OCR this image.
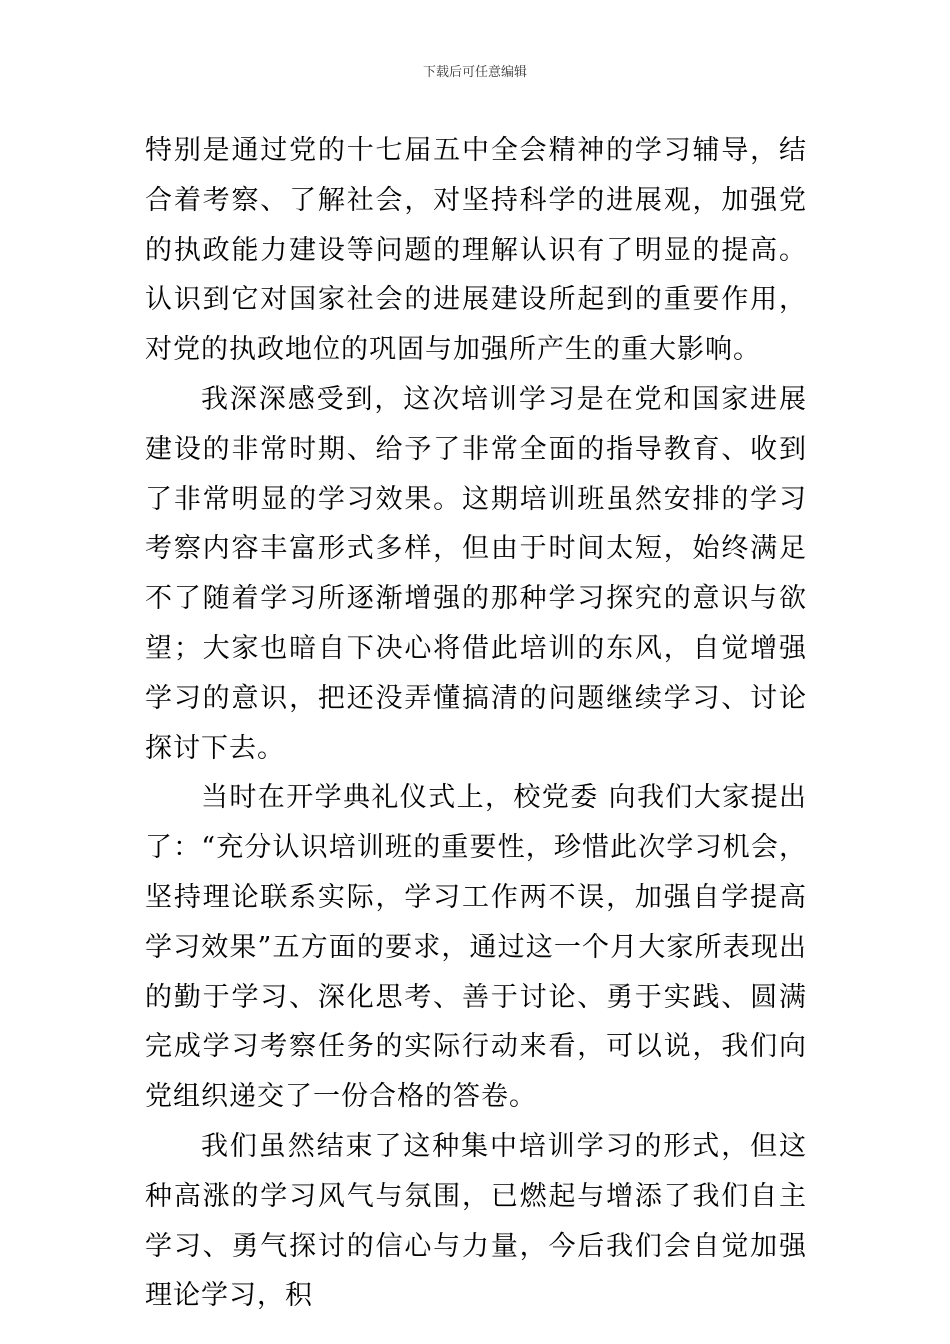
下载后可任意编辑

特别是通过党的十七届五中全会精神的学习辅导，结合着考察、了解社会，对坚持科学的进展观，加强党的执政能力建设等问题的理解认识有了明显的提高。认识到它对国家社会的进展建设所起到的重要作用，对党的执政地位的巩固与加强所产生的重大影响。

我深深感受到，这次培训学习是在党和国家进展建设的非常时期、给予了非常全面的指导教育、收到了非常明显的学习效果。这期培训班虽然安排的学习考察内容丰富形式多样，但由于时间太短，始终满足不了随着学习所逐渐增强的那种学习探究的意识与欲望；大家也暗自下决心将借此培训的东风，自觉增强学习的意识，把还没弄懂搞清的问题继续学习、讨论探讨下去。

当时在开学典礼仪式上，校党委 向我们大家提出了：“充分认识培训班的重要性，珍惜此次学习机会，坚持理论联系实际，学习工作两不误，加强自学提高学习效果”五方面的要求，通过这一个月大家所表现出的勤于学习、深化思考、善于讨论、勇于实践、圆满完成学习考察任务的实际行动来看，可以说，我们向党组织递交了一份合格的答卷。

我们虽然结束了这种集中培训学习的形式，但这种高涨的学习风气与氛围，已燃起与增添了我们自主学习、勇气探讨的信心与力量，今后我们会自觉加强理论学习，积
